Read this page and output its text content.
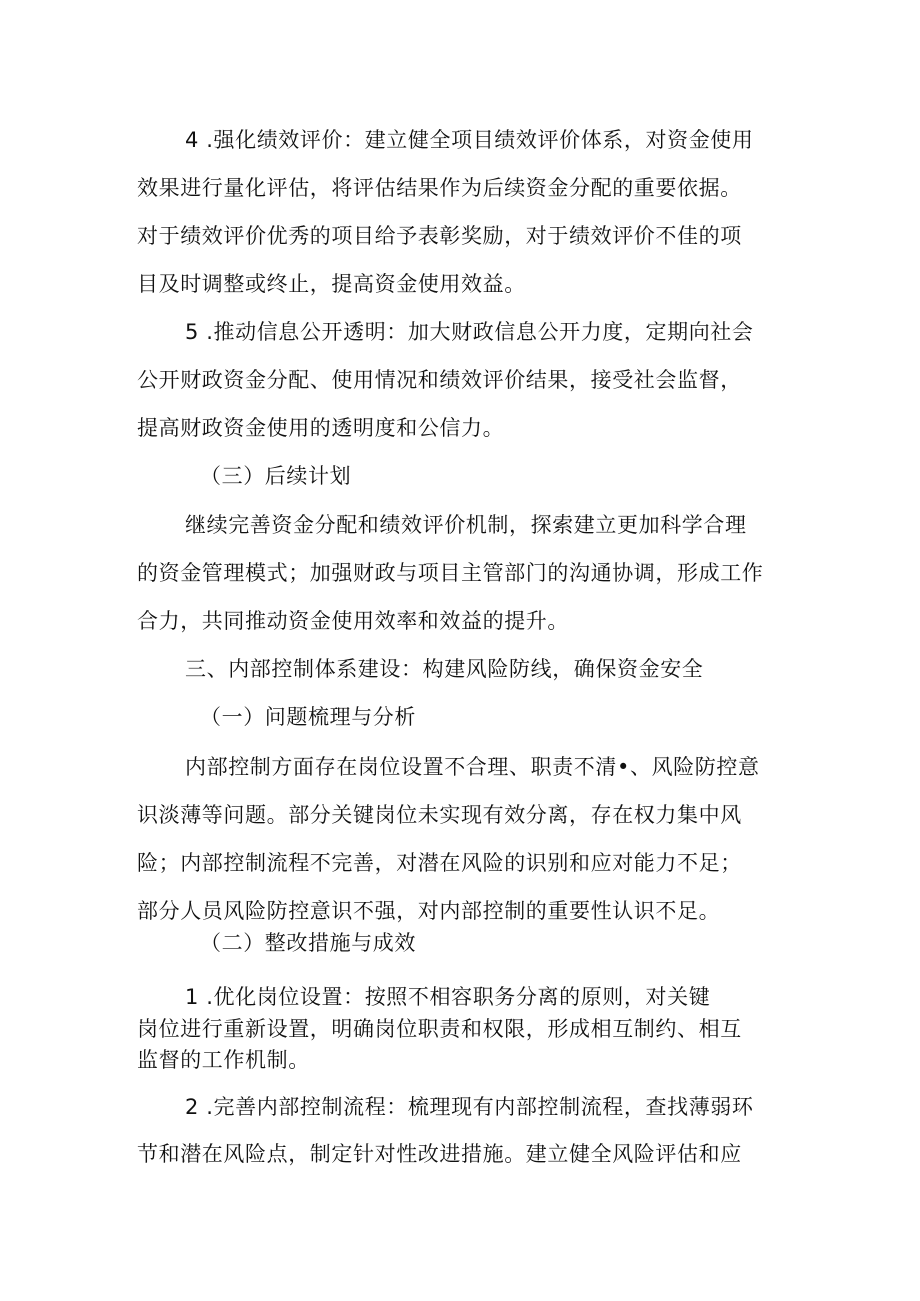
4 .强化绩效评价：建立健全项目绩效评价体系，对资金使用
效果进行量化评估，将评估结果作为后续资金分配的重要依据。
对于绩效评价优秀的项目给予表彰奖励，对于绩效评价不佳的项
目及时调整或终止，提高资金使用效益。
5 .推动信息公开透明：加大财政信息公开力度，定期向社会
公开财政资金分配、使用情况和绩效评价结果，接受社会监督，
提高财政资金使用的透明度和公信力。
（三）后续计划
继续完善资金分配和绩效评价机制，探索建立更加科学合理
的资金管理模式；加强财政与项目主管部门的沟通协调，形成工作
合力，共同推动资金使用效率和效益的提升。
三、内部控制体系建设：构建风险防线，确保资金安全
（一）问题梳理与分析
内部控制方面存在岗位设置不合理、职责不清•、风险防控意
识淡薄等问题。部分关键岗位未实现有效分离，存在权力集中风
险；内部控制流程不完善，对潜在风险的识别和应对能力不足；
部分人员风险防控意识不强，对内部控制的重要性认识不足。
（二）整改措施与成效
1 .优化岗位设置：按照不相容职务分离的原则，对关键
岗位进行重新设置，明确岗位职责和权限，形成相互制约、相互
监督的工作机制。
2 .完善内部控制流程：梳理现有内部控制流程，查找薄弱环
节和潜在风险点，制定针对性改进措施。建立健全风险评估和应
